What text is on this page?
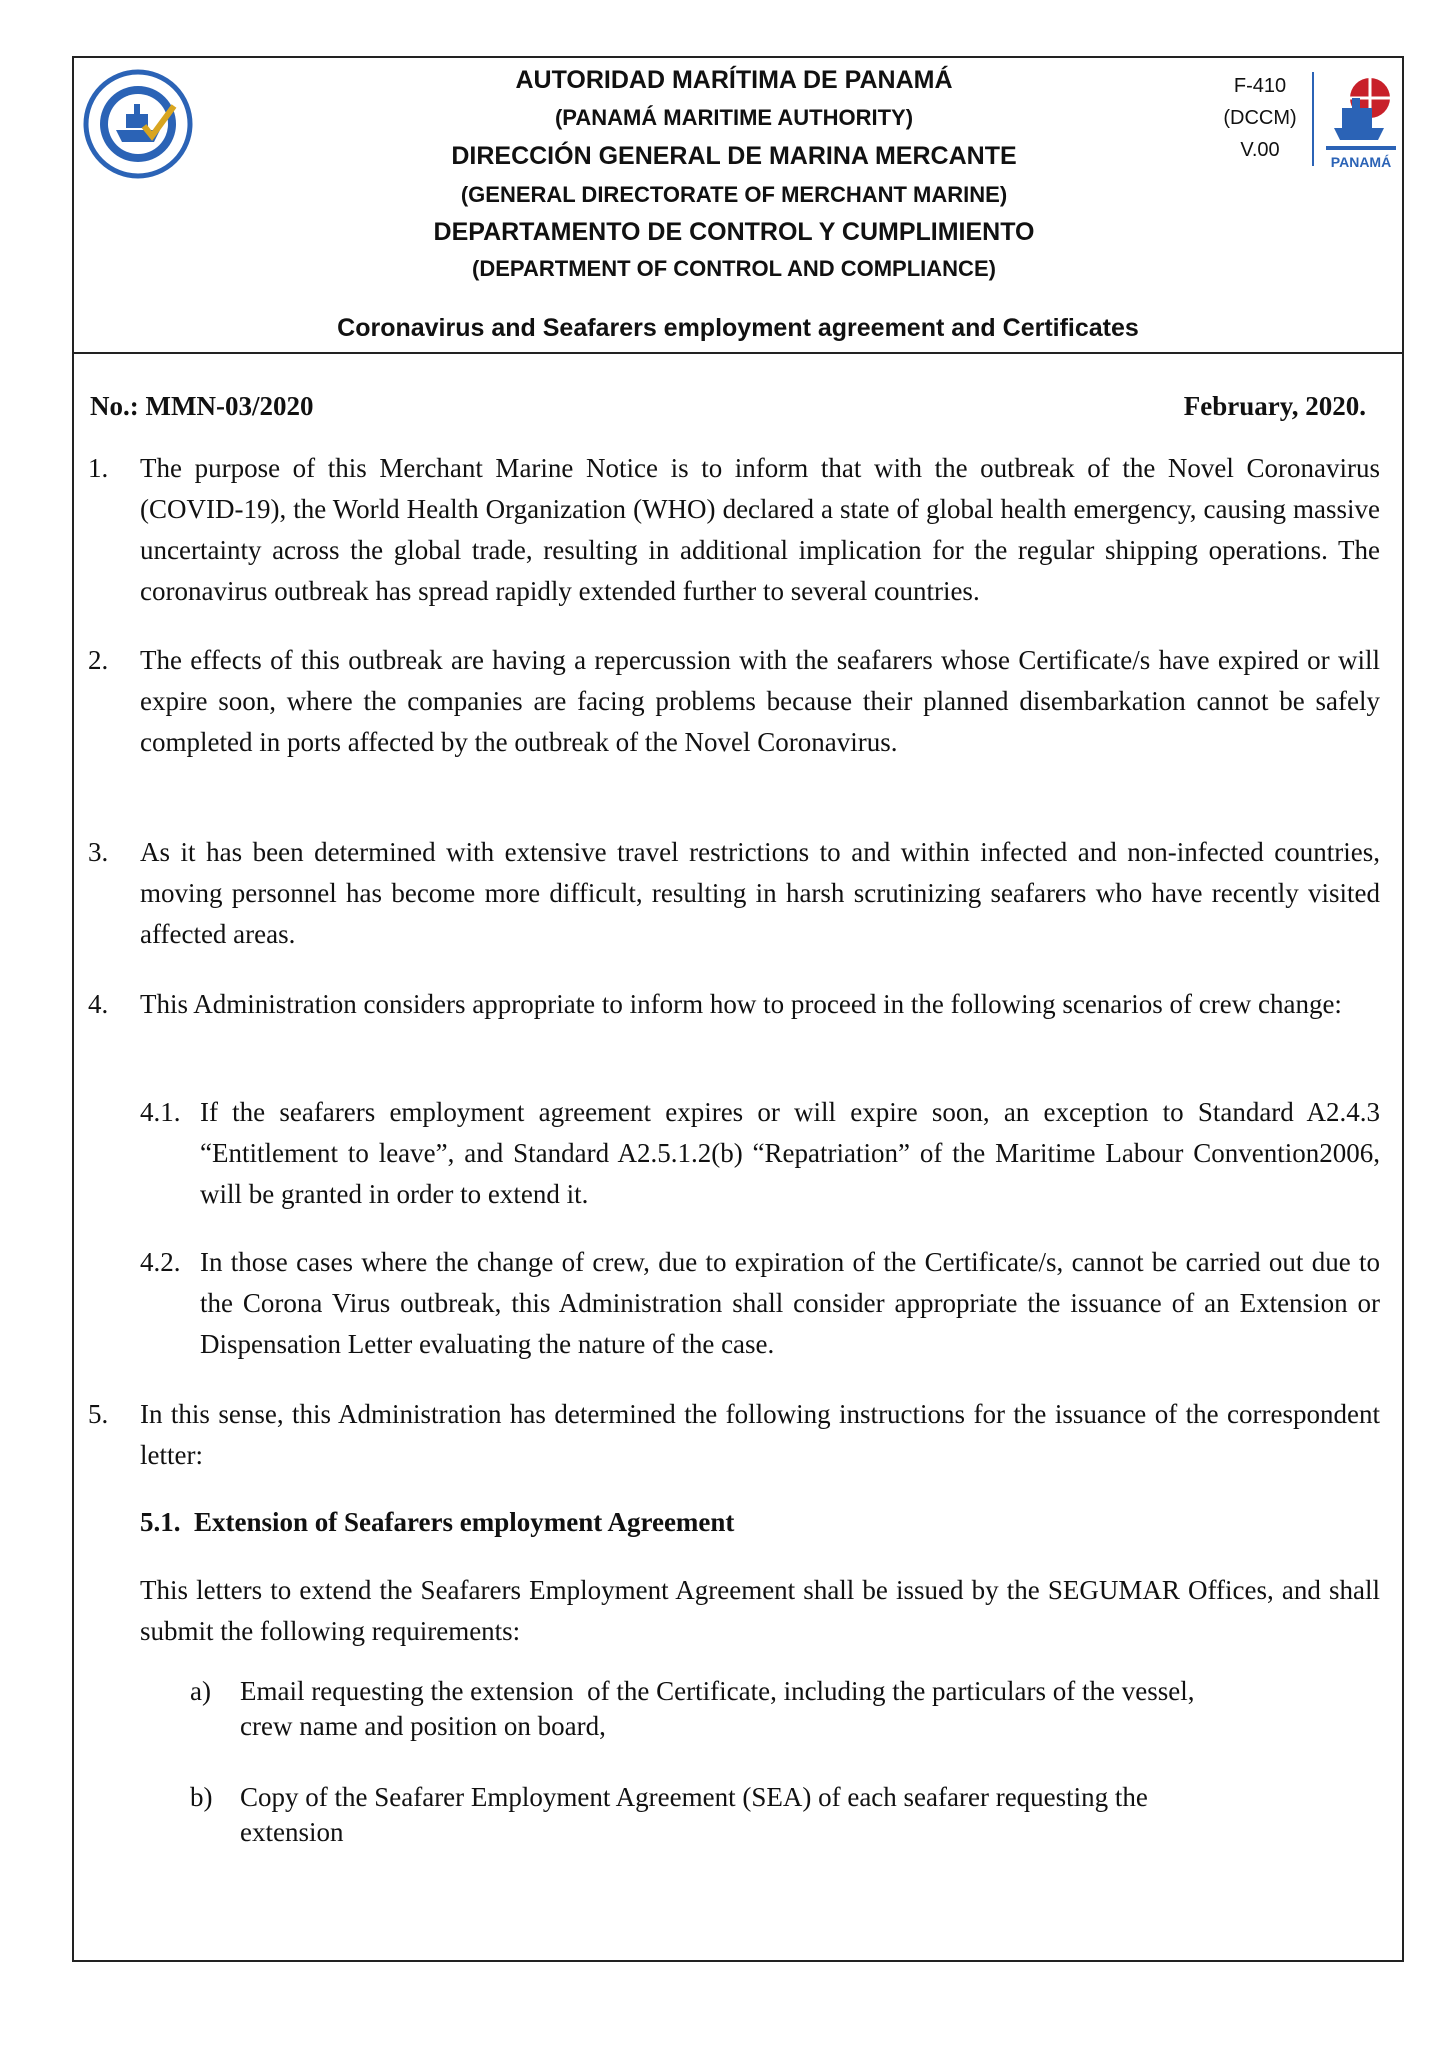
AUTORIDAD MARÍTIMA DE PANAMÁ
(PANAMÁ MARITIME AUTHORITY)
DIRECCIÓN GENERAL DE MARINA MERCANTE
(GENERAL DIRECTORATE OF MERCHANT MARINE)
DEPARTAMENTO DE CONTROL Y CUMPLIMIENTO
(DEPARTMENT OF CONTROL AND COMPLIANCE)
F-410
(DCCM)
V.00
PANAMÁ
Coronavirus and Seafarers employment agreement and Certificates
No.: MMN-03/2020	February, 2020.
1.	The purpose of this Merchant Marine Notice is to inform that with the outbreak of the Novel Coronavirus (COVID-19), the World Health Organization (WHO) declared a state of global health emergency, causing massive uncertainty across the global trade, resulting in additional implication for the regular shipping operations. The coronavirus outbreak has spread rapidly extended further to several countries.
2.	The effects of this outbreak are having a repercussion with the seafarers whose Certificate/s have expired or will expire soon, where the companies are facing problems because their planned disembarkation cannot be safely completed in ports affected by the outbreak of the Novel Coronavirus.
3.	As it has been determined with extensive travel restrictions to and within infected and non-infected countries, moving personnel has become more difficult, resulting in harsh scrutinizing seafarers who have recently visited affected areas.
4.	This Administration considers appropriate to inform how to proceed in the following scenarios of crew change:
4.1. If the seafarers employment agreement expires or will expire soon, an exception to Standard A2.4.3 “Entitlement to leave”, and Standard A2.5.1.2(b) “Repatriation” of the Maritime Labour Convention2006, will be granted in order to extend it.
4.2. In those cases where the change of crew, due to expiration of the Certificate/s, cannot be carried out due to the Corona Virus outbreak, this Administration shall consider appropriate the issuance of an Extension or Dispensation Letter evaluating the nature of the case.
5.	In this sense, this Administration has determined the following instructions for the issuance of the correspondent letter:
5.1.  Extension of Seafarers employment Agreement
This letters to extend the Seafarers Employment Agreement shall be issued by the SEGUMAR Offices, and shall submit the following requirements:
a) Email requesting the extension  of the Certificate, including the particulars of the vessel,
crew name and position on board,
b) Copy of the Seafarer Employment Agreement (SEA) of each seafarer requesting the
extension
